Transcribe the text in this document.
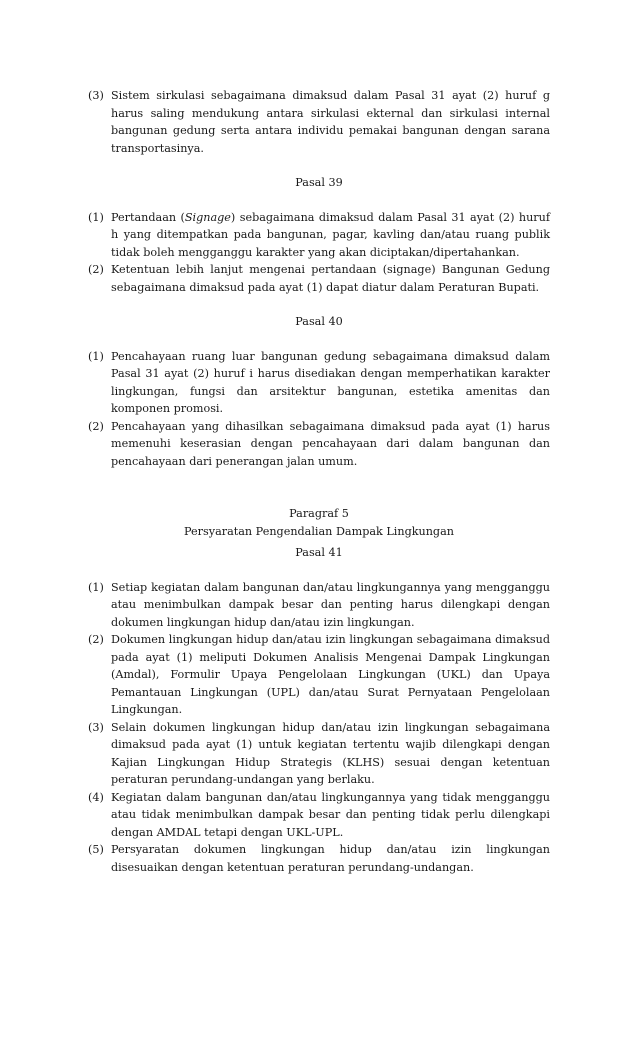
(3) Sistem sirkulasi sebagaimana dimaksud dalam Pasal 31 ayat (2) huruf g harus saling mendukung antara sirkulasi ekternal dan sirkulasi internal bangunan gedung serta antara individu pemakai bangunan dengan sarana transportasinya.

Pasal 39

(1) Pertandaan (Signage) sebagaimana dimaksud dalam Pasal 31 ayat (2) huruf h yang ditempatkan pada bangunan, pagar, kavling dan/atau ruang publik tidak boleh mengganggu karakter yang akan diciptakan/dipertahankan.
(2) Ketentuan lebih lanjut mengenai pertandaan (signage) Bangunan Gedung sebagaimana dimaksud pada ayat (1) dapat diatur dalam Peraturan Bupati.

Pasal 40

(1) Pencahayaan ruang luar bangunan gedung sebagaimana dimaksud dalam Pasal 31 ayat (2) huruf i harus disediakan dengan memperhatikan karakter lingkungan, fungsi dan arsitektur bangunan, estetika amenitas dan komponen promosi.
(2) Pencahayaan yang dihasilkan sebagaimana dimaksud pada ayat (1) harus memenuhi keserasian dengan pencahayaan dari dalam bangunan dan pencahayaan dari penerangan jalan umum.

Paragraf 5

Persyaratan Pengendalian Dampak Lingkungan

Pasal 41

(1) Setiap kegiatan dalam bangunan dan/atau lingkungannya yang mengganggu atau menimbulkan dampak besar dan penting harus dilengkapi dengan dokumen lingkungan hidup dan/atau izin lingkungan.
(2) Dokumen lingkungan hidup dan/atau izin lingkungan sebagaimana dimaksud pada ayat (1) meliputi Dokumen Analisis Mengenai Dampak Lingkungan (Amdal), Formulir Upaya Pengelolaan Lingkungan (UKL) dan Upaya Pemantauan Lingkungan (UPL) dan/atau Surat Pernyataan Pengelolaan Lingkungan.
(3) Selain dokumen lingkungan hidup dan/atau izin lingkungan sebagaimana dimaksud pada ayat (1) untuk kegiatan tertentu wajib dilengkapi dengan Kajian Lingkungan Hidup Strategis (KLHS) sesuai dengan ketentuan peraturan perundang-undangan yang berlaku.
(4) Kegiatan dalam bangunan dan/atau lingkungannya yang tidak mengganggu atau tidak menimbulkan dampak besar dan penting tidak perlu dilengkapi dengan AMDAL tetapi dengan UKL-UPL.
(5) Persyaratan dokumen lingkungan hidup dan/atau izin lingkungan disesuaikan dengan ketentuan peraturan perundang-undangan.
